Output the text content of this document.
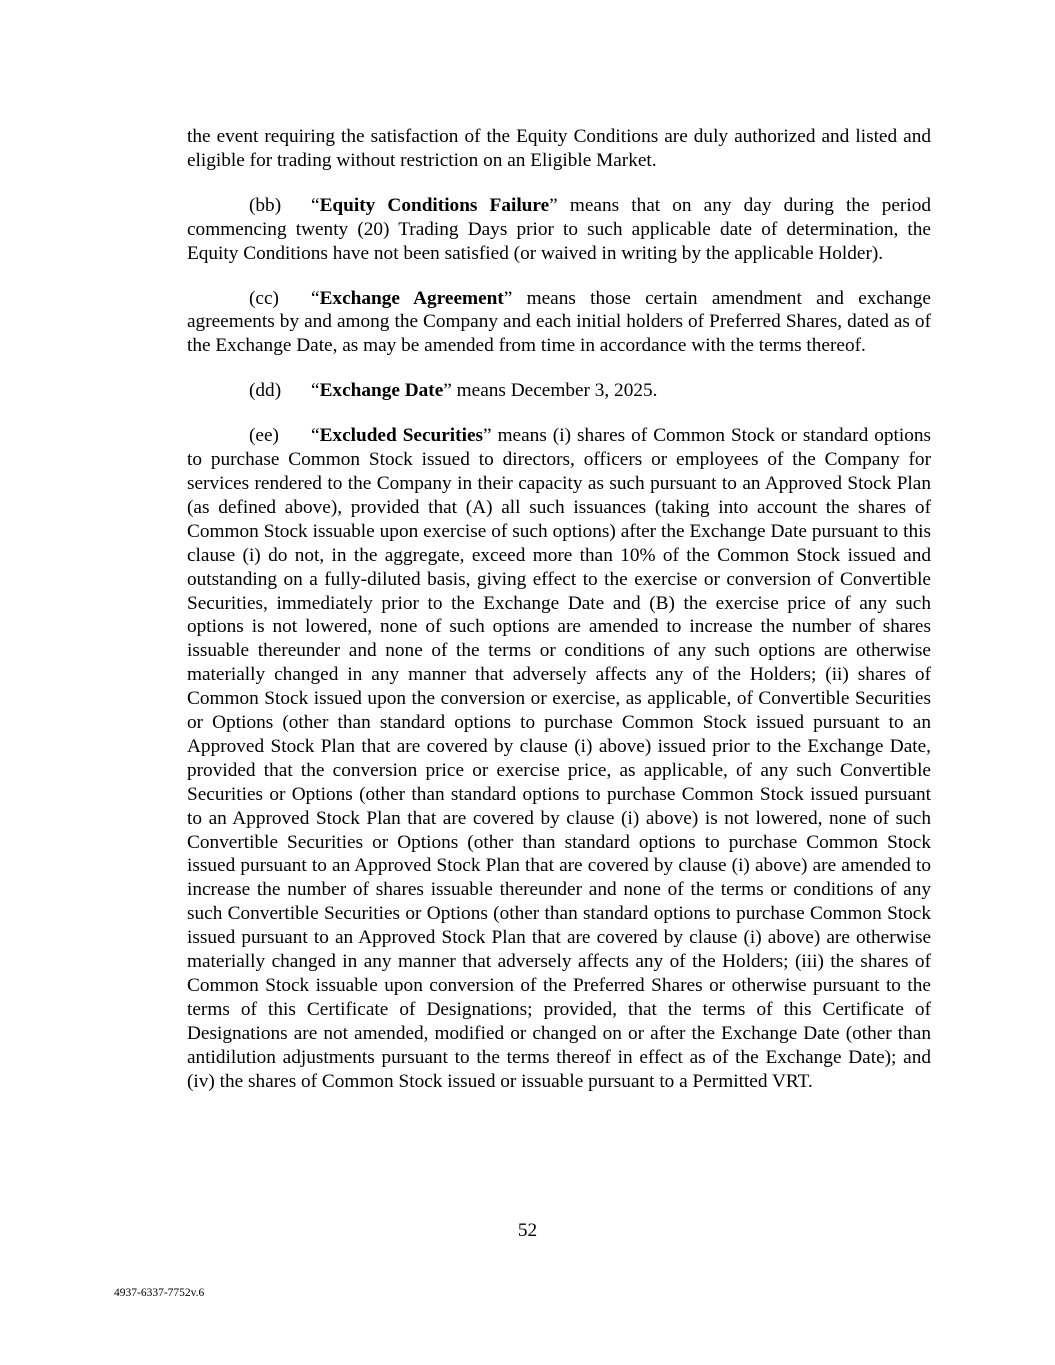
the event requiring the satisfaction of the Equity Conditions are duly authorized and listed and eligible for trading without restriction on an Eligible Market.

(bb) “Equity Conditions Failure” means that on any day during the period commencing twenty (20) Trading Days prior to such applicable date of determination, the Equity Conditions have not been satisfied (or waived in writing by the applicable Holder).

(cc) “Exchange Agreement” means those certain amendment and exchange agreements by and among the Company and each initial holders of Preferred Shares, dated as of the Exchange Date, as may be amended from time in accordance with the terms thereof.

(dd) “Exchange Date” means December 3, 2025.

(ee) “Excluded Securities” means (i) shares of Common Stock or standard options to purchase Common Stock issued to directors, officers or employees of the Company for services rendered to the Company in their capacity as such pursuant to an Approved Stock Plan (as defined above), provided that (A) all such issuances (taking into account the shares of Common Stock issuable upon exercise of such options) after the Exchange Date pursuant to this clause (i) do not, in the aggregate, exceed more than 10% of the Common Stock issued and outstanding on a fully-diluted basis, giving effect to the exercise or conversion of Convertible Securities, immediately prior to the Exchange Date and (B) the exercise price of any such options is not lowered, none of such options are amended to increase the number of shares issuable thereunder and none of the terms or conditions of any such options are otherwise materially changed in any manner that adversely affects any of the Holders; (ii) shares of Common Stock issued upon the conversion or exercise, as applicable, of Convertible Securities or Options (other than standard options to purchase Common Stock issued pursuant to an Approved Stock Plan that are covered by clause (i) above) issued prior to the Exchange Date, provided that the conversion price or exercise price, as applicable, of any such Convertible Securities or Options (other than standard options to purchase Common Stock issued pursuant to an Approved Stock Plan that are covered by clause (i) above) is not lowered, none of such Convertible Securities or Options (other than standard options to purchase Common Stock issued pursuant to an Approved Stock Plan that are covered by clause (i) above) are amended to increase the number of shares issuable thereunder and none of the terms or conditions of any such Convertible Securities or Options (other than standard options to purchase Common Stock issued pursuant to an Approved Stock Plan that are covered by clause (i) above) are otherwise materially changed in any manner that adversely affects any of the Holders; (iii) the shares of Common Stock issuable upon conversion of the Preferred Shares or otherwise pursuant to the terms of this Certificate of Designations; provided, that the terms of this Certificate of Designations are not amended, modified or changed on or after the Exchange Date (other than antidilution adjustments pursuant to the terms thereof in effect as of the Exchange Date); and (iv) the shares of Common Stock issued or issuable pursuant to a Permitted VRT.

52
4937-6337-7752v.6
